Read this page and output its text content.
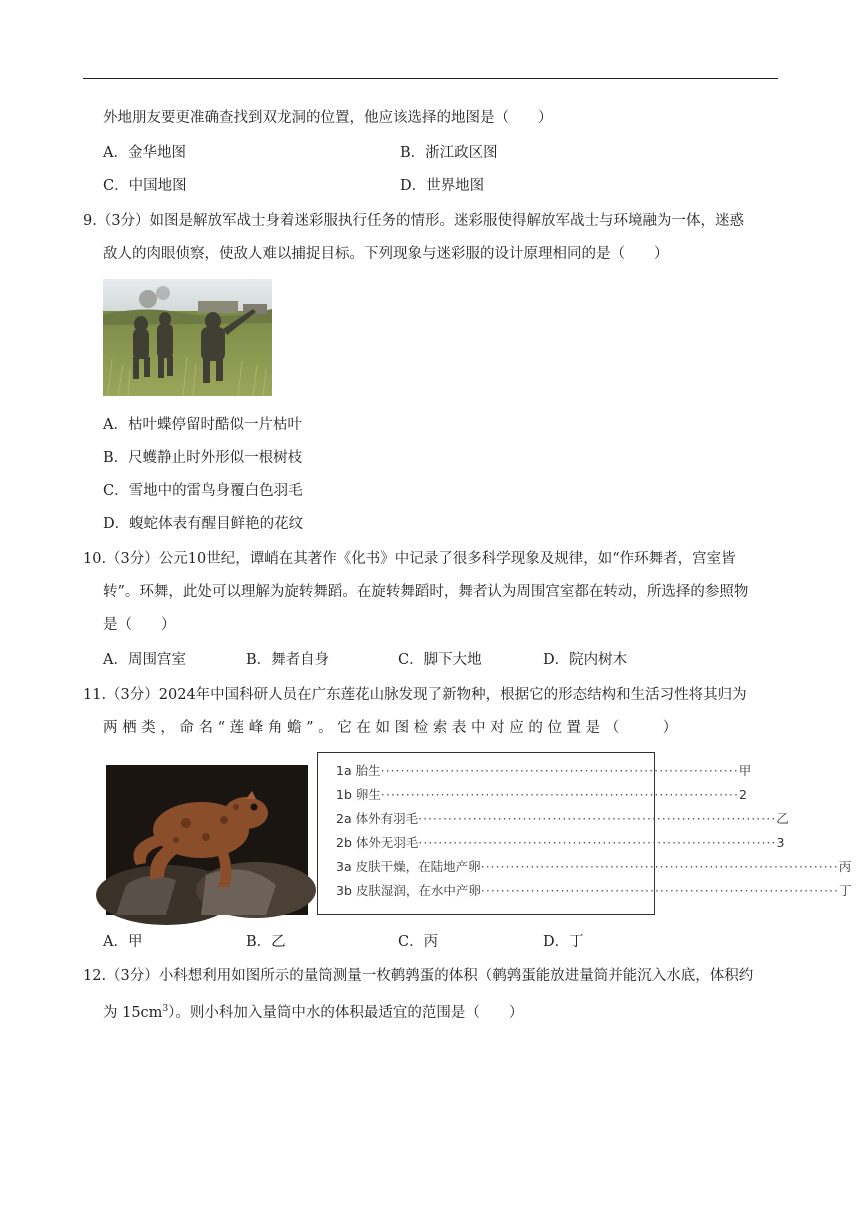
外地朋友要更准确查找到双龙洞的位置，他应该选择的地图是（　　）
A．金华地图	B．浙江政区图
C．中国地图	D．世界地图
9.（3分）如图是解放军战士身着迷彩服执行任务的情形。迷彩服使得解放军战士与环境融为一体，迷惑
敌人的肉眼侦察，使敌人难以捕捉目标。下列现象与迷彩服的设计原理相同的是（　　）
A．枯叶蝶停留时酷似一片枯叶
B．尺蠖静止时外形似一根树枝
C．雪地中的雷鸟身覆白色羽毛
D．蝮蛇体表有醒目鲜艳的花纹
10.（3分）公元10世纪，谭峭在其著作《化书》中记录了很多科学现象及规律，如“作环舞者，宫室皆
转”。环舞，此处可以理解为旋转舞蹈。在旋转舞蹈时，舞者认为周围宫室都在转动，所选择的参照物
是（　　）
A．周围宫室	B．舞者自身	C．脚下大地	D．院内树木
11.（3分）2024年中国科研人员在广东莲花山脉发现了新物种，根据它的形态结构和生活习性将其归为
两 栖 类 ， 命 名 “ 莲 峰 角 蟾 ” 。 它 在 如 图 检 索 表 中 对 应 的 位 置 是 （　　　）
1a 胎生 ········································································ 甲
1b 卵生 ········································································ 2
2a 体外有羽毛 ········································································ 乙
2b 体外无羽毛 ········································································ 3
3a 皮肤干燥，在陆地产卵 ········································································ 丙
3b 皮肤湿润，在水中产卵 ········································································ 丁
A．甲	B．乙	C．丙	D．丁
12.（3分）小科想利用如图所示的量筒测量一枚鹌鹑蛋的体积（鹌鹑蛋能放进量筒并能沉入水底，体积约
为 $15cm^3$）。则小科加入量筒中水的体积最适宜的范围是（　　）
